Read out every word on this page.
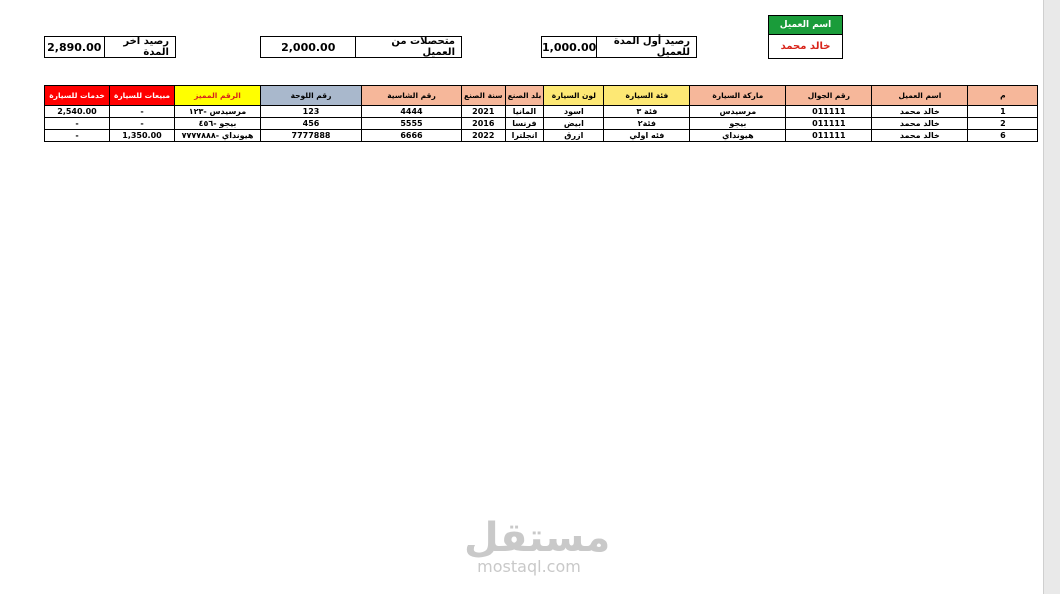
رصيد اخر المدة
2,890.00	متحصلات من العميل
2,000.00	رصيد أول المدة للعميل
1,000.00
اسم العميل
خالد محمد
م	اسم العميل	رقم الجوال	ماركة السيارة	فئة السيارة	لون السيارة	بلد الصنع	سنة الصنع	رقم الشاسية	رقم اللوحة	الرقم المميز	مبيعات للسيارة	خدمات للسيارة
1	خالد محمد	011111	مرسيدس	فئة ٣	اسود	المانيا	2021	4444	123	مرسيدس -١٢٣	-	2,540.00
2	خالد محمد	011111	بيجو	فئة٢	ابيض	فرنسا	2016	5555	456	بيجو -٤٥٦	-	-
6	خالد محمد	011111	هيونداي	فئه اولي	ازرق	انجلترا	2022	6666	7777888	هيونداي -٧٧٧٧٨٨٨	1,350.00	-
مستقل
mostaql.com
